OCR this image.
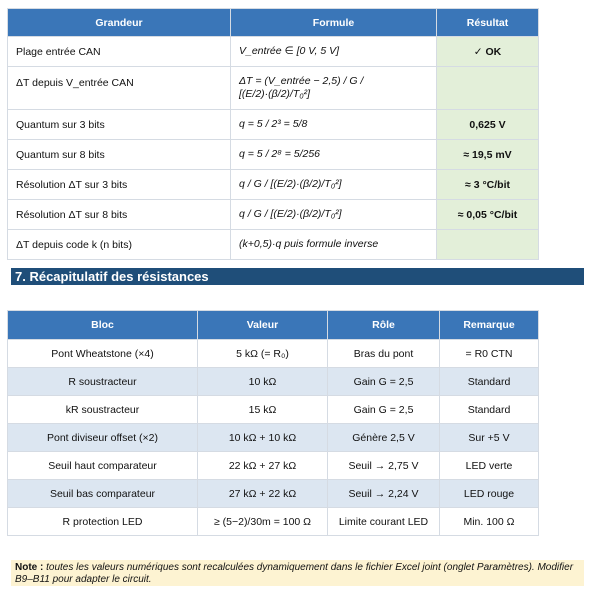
Grandeur	Formule	Résultat
Plage entrée CAN	V_entrée ∈ [0 V, 5 V]	✓ OK
ΔT depuis V_entrée CAN	ΔT = (V_entrée − 2,5) / G / [(E/2)·(β/2)/T₀²]	
Quantum sur 3 bits	q = 5 / 2³ = 5/8	0,625 V
Quantum sur 8 bits	q = 5 / 2⁸ = 5/256	≈ 19,5 mV
Résolution ΔT sur 3 bits	q / G / [(E/2)·(β/2)/T₀²]	≈ 3 °C/bit
Résolution ΔT sur 8 bits	q / G / [(E/2)·(β/2)/T₀²]	≈ 0,05 °C/bit
ΔT depuis code k (n bits)	(k+0,5)·q puis formule inverse	
7. Récapitulatif des résistances
Bloc	Valeur	Rôle	Remarque
Pont Wheatstone (×4)	5 kΩ (= R₀)	Bras du pont	= R0 CTN
R soustracteur	10 kΩ	Gain G = 2,5	Standard
kR soustracteur	15 kΩ	Gain G = 2,5	Standard
Pont diviseur offset (×2)	10 kΩ + 10 kΩ	Génère 2,5 V	Sur +5 V
Seuil haut comparateur	22 kΩ + 27 kΩ	Seuil → 2,75 V	LED verte
Seuil bas comparateur	27 kΩ + 22 kΩ	Seuil → 2,24 V	LED rouge
R protection LED	≥ (5−2)/30m = 100 Ω	Limite courant LED	Min. 100 Ω
Note : toutes les valeurs numériques sont recalculées dynamiquement dans le fichier Excel joint (onglet Paramètres). Modifier B9–B11 pour adapter le circuit.
